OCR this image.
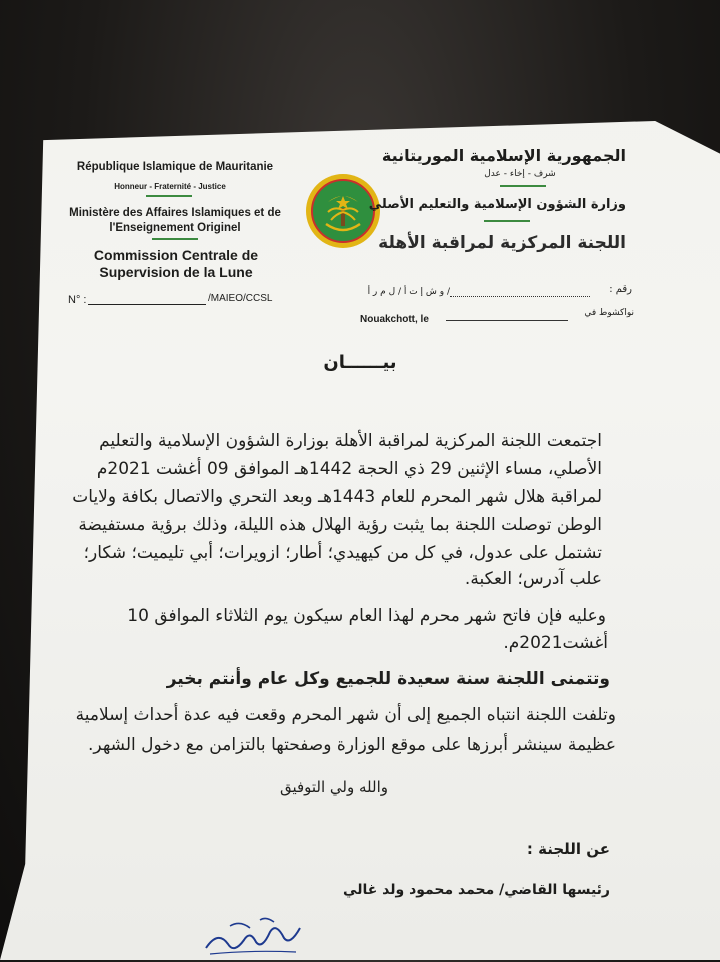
République Islamique de Mauritanie
Honneur - Fraternité - Justice
Ministère des Affaires Islamiques et de
l'Enseignement Originel
Commission Centrale de
Supervision de la Lune
N° :	/MAIEO/CCSL
الجمهورية الإسلامية الموريتانية
شرف - إخاء - عدل
وزارة الشؤون الإسلامية والتعليم الأصلي
اللجنة المركزية لمراقبة الأهلة
رقم :
/ و ش إ ت أ / ل م ر أ
نواكشوط في
Nouakchott, le
بيــــــان
اجتمعت اللجنة المركزية لمراقبة الأهلة بوزارة الشؤون الإسلامية والتعليم
الأصلي، مساء الإثنين 29 ذي الحجة 1442هـ الموافق 09 أغشت 2021م
لمراقبة هلال شهر المحرم للعام 1443هـ وبعد التحري والاتصال بكافة ولايات
الوطن توصلت اللجنة بما يثبت رؤية الهلال هذه الليلة، وذلك برؤية مستفيضة
تشتمل على عدول، في كل من كيهيدي؛ أطار؛ ازويرات؛ أبي تليميت؛ شكار؛
علب آدرس؛ العكبة.
وعليه فإن فاتح شهر محرم لهذا العام سيكون يوم الثلاثاء الموافق 10
أغشت2021م.
وتتمنى اللجنة سنة سعيدة للجميع وكل عام وأنتم بخير
وتلفت اللجنة انتباه الجميع إلى أن شهر المحرم وقعت فيه عدة أحداث إسلامية
عظيمة سينشر أبرزها على موقع الوزارة وصفحتها بالتزامن مع دخول الشهر.
والله ولي التوفيق
عن اللجنة :
رئيسها القاضي/ محمد محمود ولد غالي
